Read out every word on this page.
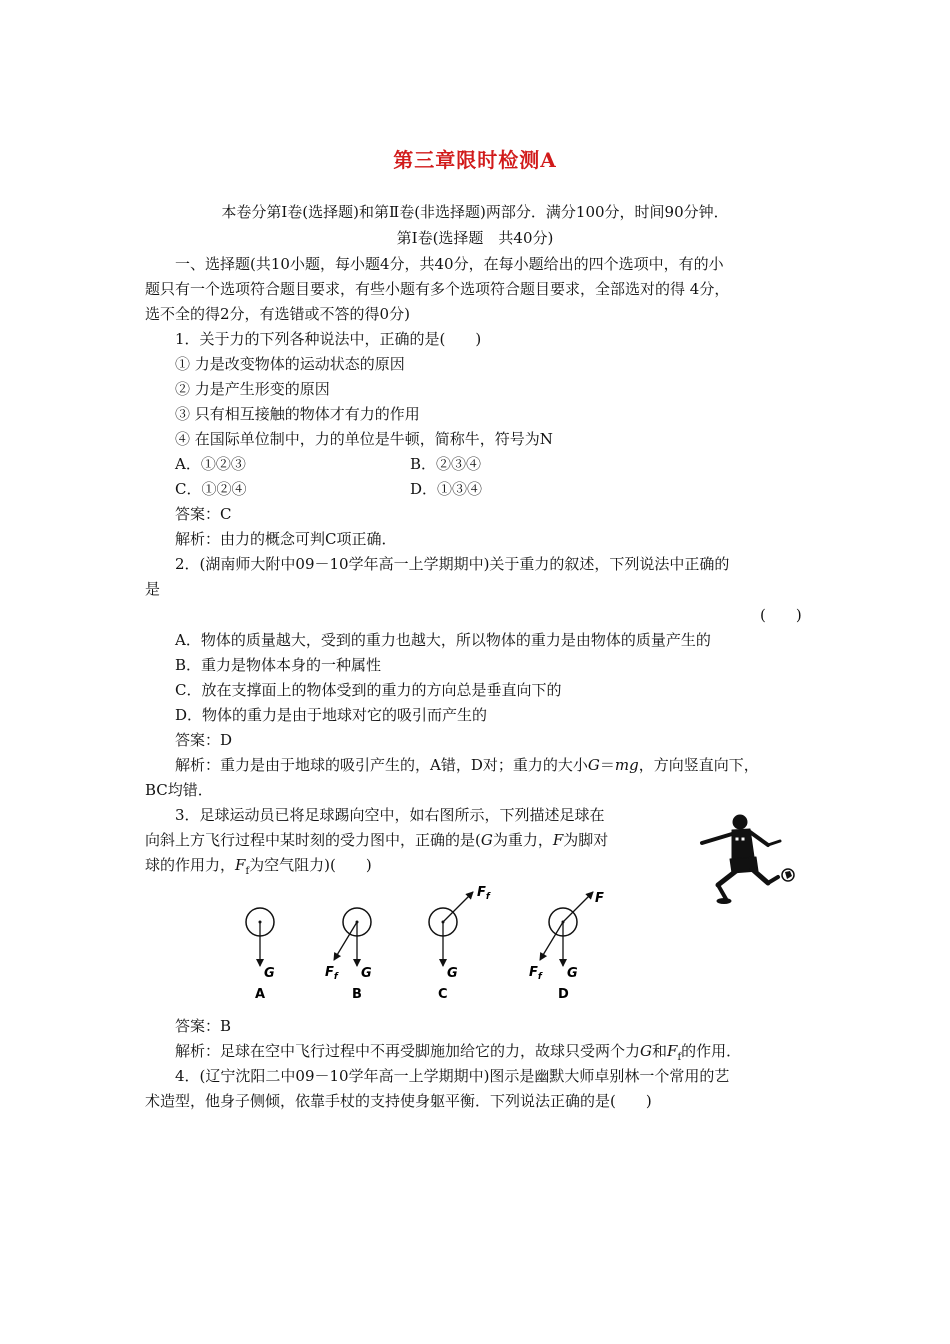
第三章限时检测A
本卷分第Ⅰ卷(选择题)和第Ⅱ卷(非选择题)两部分．满分100分，时间90分钟．
第Ⅰ卷(选择题　共40分)
一、选择题(共10小题，每小题4分，共40分，在每小题给出的四个选项中，有的小
题只有一个选项符合题目要求，有些小题有多个选项符合题目要求，全部选对的得 4分，
选不全的得2分，有选错或不答的得0分)
1．关于力的下列各种说法中，正确的是(　　)
① 力是改变物体的运动状态的原因
② 力是产生形变的原因
③ 只有相互接触的物体才有力的作用
④ 在国际单位制中，力的单位是牛顿，简称牛，符号为N
A．①②③	B．②③④
C．①②④	D．①③④
答案：C
解析：由力的概念可判C项正确．
2．(湖南师大附中09－10学年高一上学期期中)关于重力的叙述，下列说法中正确的
是
(　　)
A．物体的质量越大，受到的重力也越大，所以物体的重力是由物体的质量产生的
B．重力是物体本身的一种属性
C．放在支撑面上的物体受到的重力的方向总是垂直向下的
D．物体的重力是由于地球对它的吸引而产生的
答案：D
解析：重力是由于地球的吸引产生的，A错，D对；重力的大小G＝mg，方向竖直向下，
BC均错．
3．足球运动员已将足球踢向空中，如右图所示，下列描述足球在
向斜上方飞行过程中某时刻的受力图中，正确的是(G为重力，F为脚对
球的作用力，$F_f$为空气阻力)(　　)
G
A
$F_f$ G
B
$F_f$
G
C
F
$F_f$ G
D
答案：B
解析：足球在空中飞行过程中不再受脚施加给它的力，故球只受两个力G和$F_f$的作用．
4．(辽宁沈阳二中09－10学年高一上学期期中)图示是幽默大师卓别林一个常用的艺
术造型，他身子侧倾，依靠手杖的支持使身躯平衡．下列说法正确的是(　　)
